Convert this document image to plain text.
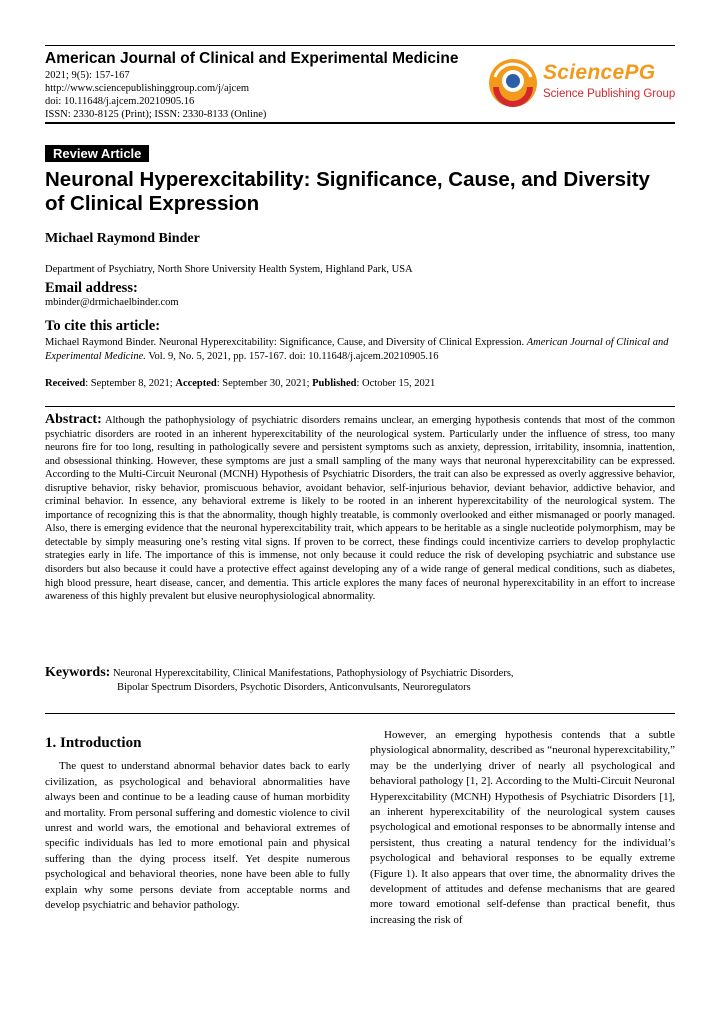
American Journal of Clinical and Experimental Medicine
2021; 9(5): 157-167
http://www.sciencepublishinggroup.com/j/ajcem
doi: 10.11648/j.ajcem.20210905.16
ISSN: 2330-8125 (Print); ISSN: 2330-8133 (Online)
SciencePG
Science Publishing Group
Review Article
Neuronal Hyperexcitability: Significance, Cause, and Diversity of Clinical Expression
Michael Raymond Binder
Department of Psychiatry, North Shore University Health System, Highland Park, USA
Email address:
mbinder@drmichaelbinder.com
To cite this article:
Michael Raymond Binder. Neuronal Hyperexcitability: Significance, Cause, and Diversity of Clinical Expression. American Journal of Clinical and Experimental Medicine. Vol. 9, No. 5, 2021, pp. 157-167. doi: 10.11648/j.ajcem.20210905.16
Received: September 8, 2021; Accepted: September 30, 2021; Published: October 15, 2021
Abstract: Although the pathophysiology of psychiatric disorders remains unclear, an emerging hypothesis contends that most of the common psychiatric disorders are rooted in an inherent hyperexcitability of the neurological system. Particularly under the influence of stress, too many neurons fire for too long, resulting in pathologically severe and persistent symptoms such as anxiety, depression, irritability, insomnia, inattention, and obsessional thinking. However, these symptoms are just a small sampling of the many ways that neuronal hyperexcitability can be expressed. According to the Multi-Circuit Neuronal (MCNH) Hypothesis of Psychiatric Disorders, the trait can also be expressed as overly aggressive behavior, disruptive behavior, risky behavior, promiscuous behavior, avoidant behavior, self-injurious behavior, deviant behavior, addictive behavior, and criminal behavior. In essence, any behavioral extreme is likely to be rooted in an inherent hyperexcitability of the neurological system. The importance of recognizing this is that the abnormality, though highly treatable, is commonly overlooked and either mismanaged or poorly managed. Also, there is emerging evidence that the neuronal hyperexcitability trait, which appears to be heritable as a single nucleotide polymorphism, may be detectable by simply measuring one’s resting vital signs. If proven to be correct, these findings could incentivize carriers to develop prophylactic strategies early in life. The importance of this is immense, not only because it could reduce the risk of developing psychiatric and substance use disorders but also because it could have a protective effect against developing any of a wide range of general medical conditions, such as diabetes, high blood pressure, heart disease, cancer, and dementia. This article explores the many faces of neuronal hyperexcitability in an effort to increase awareness of this highly prevalent but elusive neurophysiological abnormality.
Keywords: Neuronal Hyperexcitability, Clinical Manifestations, Pathophysiology of Psychiatric Disorders,
Bipolar Spectrum Disorders, Psychotic Disorders, Anticonvulsants, Neuroregulators
1. Introduction

The quest to understand abnormal behavior dates back to early civilization, as psychological and behavioral abnormalities have always been and continue to be a leading cause of human morbidity and mortality. From personal suffering and domestic violence to civil unrest and world wars, the emotional and behavioral extremes of specific individuals has led to more emotional pain and physical suffering than the dying process itself. Yet despite numerous psychological and behavioral theories, none have been able to fully explain why some persons deviate from acceptable norms and develop psychiatric and behavior pathology.

However, an emerging hypothesis contends that a subtle physiological abnormality, described as “neuronal hyperexcitability,” may be the underlying driver of nearly all psychological and behavioral pathology [1, 2]. According to the Multi-Circuit Neuronal Hyperexcitability (MCNH) Hypothesis of Psychiatric Disorders [1], an inherent hyperexcitability of the neurological system causes psychological and emotional responses to be abnormally intense and persistent, thus creating a natural tendency for the individual’s psychological and behavioral responses to be equally extreme (Figure 1). It also appears that over time, the abnormality drives the development of attitudes and defense mechanisms that are geared more toward emotional self-defense than practical benefit, thus increasing the risk of
